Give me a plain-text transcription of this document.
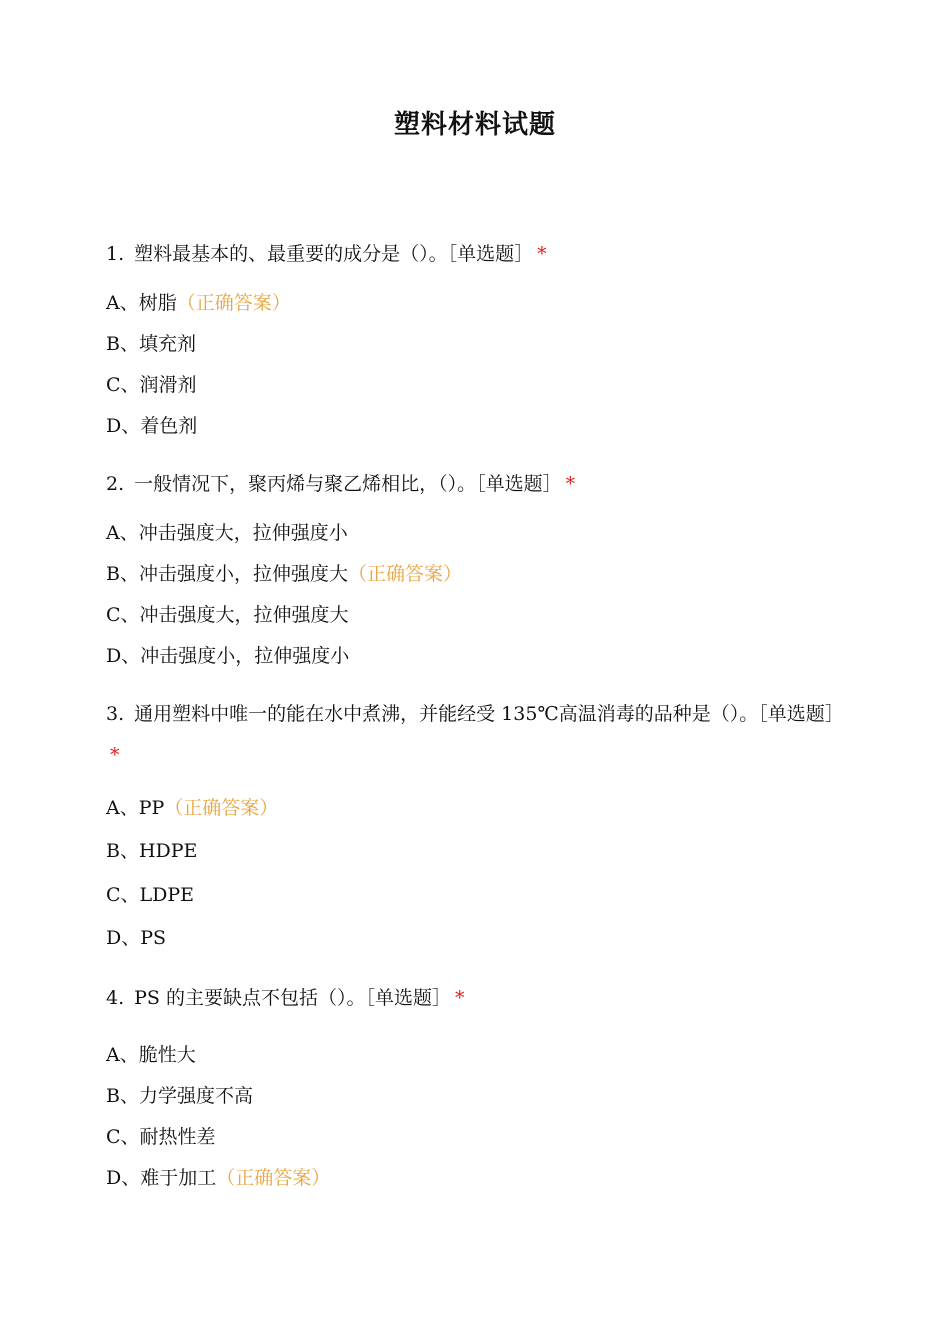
塑料材料试题
1. 塑料最基本的、最重要的成分是（）。［单选题］ *
A、树脂（正确答案）
B、填充剂
C、润滑剂
D、着色剂
2. 一般情况下，聚丙烯与聚乙烯相比，（）。［单选题］ *
A、冲击强度大，拉伸强度小
B、冲击强度小，拉伸强度大（正确答案）
C、冲击强度大，拉伸强度大
D、冲击强度小，拉伸强度小
3. 通用塑料中唯一的能在水中煮沸，并能经受 135℃高温消毒的品种是（）。［单选题］*
A、PP（正确答案）
B、HDPE
C、LDPE
D、PS
4. PS 的主要缺点不包括（）。［单选题］ *
A、脆性大
B、力学强度不高
C、耐热性差
D、难于加工（正确答案）
